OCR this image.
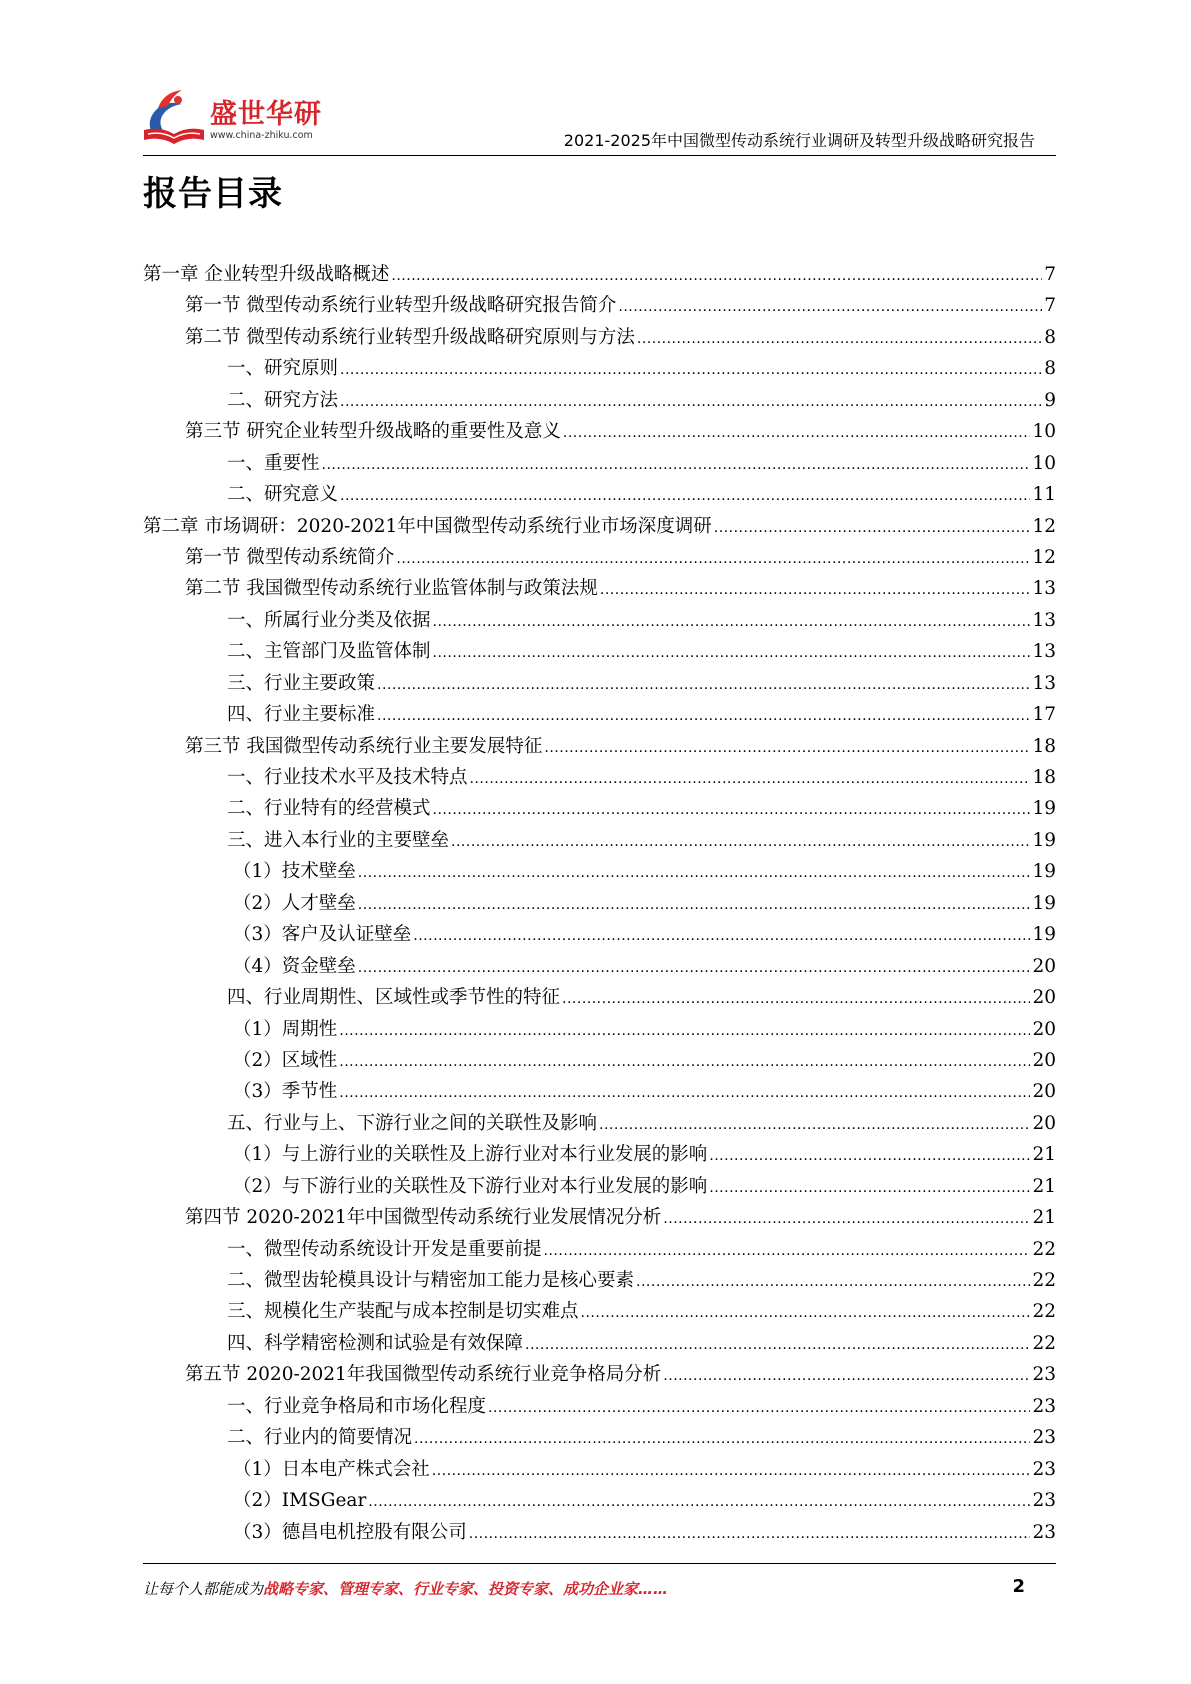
盛世华研
www.china-zhiku.com	2021-2025年中国微型传动系统行业调研及转型升级战略研究报告
报告目录
第一章 企业转型升级战略概述 .....	7
第一节 微型传动系统行业转型升级战略研究报告简介 .....	7
第二节 微型传动系统行业转型升级战略研究原则与方法 .....	8
一、研究原则 .....	8
二、研究方法 .....	9
第三节 研究企业转型升级战略的重要性及意义 .....	10
一、重要性 .....	10
二、研究意义 .....	11
第二章 市场调研：2020-2021年中国微型传动系统行业市场深度调研 .....	12
第一节 微型传动系统简介 .....	12
第二节 我国微型传动系统行业监管体制与政策法规 .....	13
一、所属行业分类及依据 .....	13
二、主管部门及监管体制 .....	13
三、行业主要政策 .....	13
四、行业主要标准 .....	17
第三节 我国微型传动系统行业主要发展特征 .....	18
一、行业技术水平及技术特点 .....	18
二、行业特有的经营模式 .....	19
三、进入本行业的主要壁垒 .....	19
（1）技术壁垒 .....	19
（2）人才壁垒 .....	19
（3）客户及认证壁垒 .....	19
（4）资金壁垒 .....	20
四、行业周期性、区域性或季节性的特征 .....	20
（1）周期性 .....	20
（2）区域性 .....	20
（3）季节性 .....	20
五、行业与上、下游行业之间的关联性及影响 .....	20
（1）与上游行业的关联性及上游行业对本行业发展的影响 .....	21
（2）与下游行业的关联性及下游行业对本行业发展的影响 .....	21
第四节 2020-2021年中国微型传动系统行业发展情况分析 .....	21
一、微型传动系统设计开发是重要前提 .....	22
二、微型齿轮模具设计与精密加工能力是核心要素 .....	22
三、规模化生产装配与成本控制是切实难点 .....	22
四、科学精密检测和试验是有效保障 .....	22
第五节 2020-2021年我国微型传动系统行业竞争格局分析 .....	23
一、行业竞争格局和市场化程度 .....	23
二、行业内的简要情况 .....	23
（1）日本电产株式会社 .....	23
（2）IMSGear .....	23
（3）德昌电机控股有限公司 .....	23
让每个人都能成为战略专家、管理专家、行业专家、投资专家、成功企业家……	2
